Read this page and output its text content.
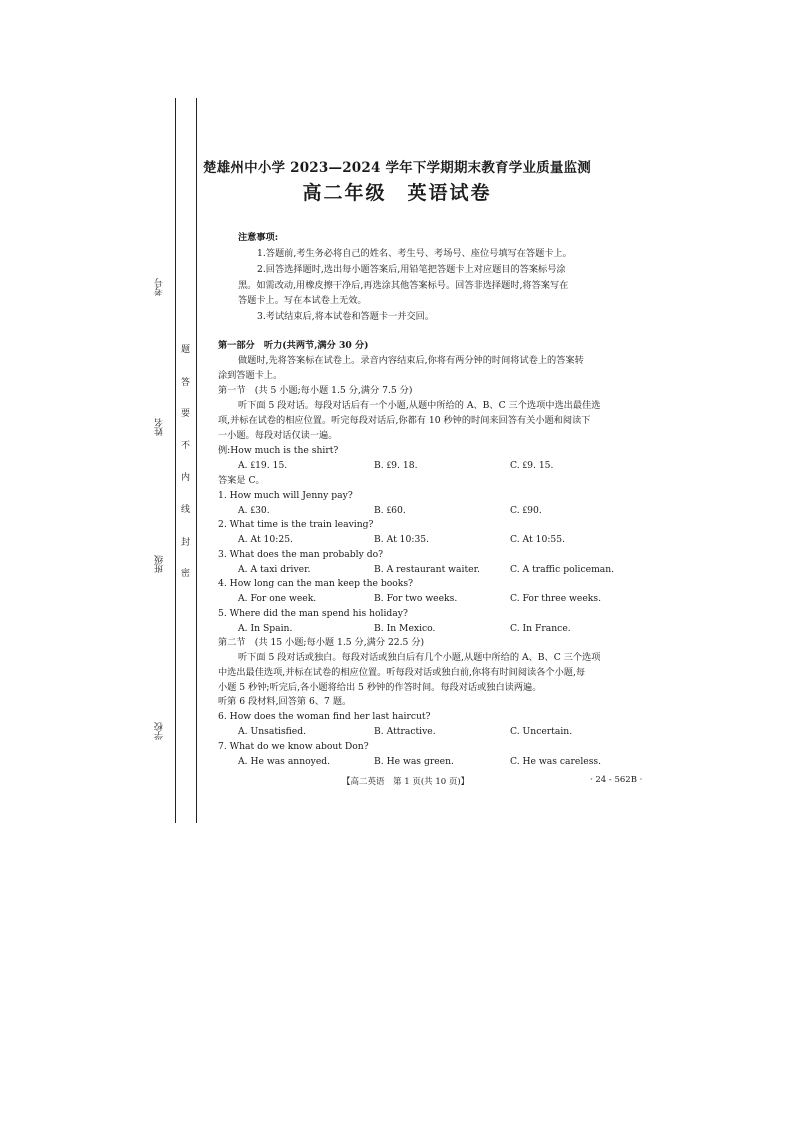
考号
姓名
班级
学校
题
答
要
不
内
线
封
密
楚雄州中小学 2023—2024 学年下学期期末教育学业质量监测
高二年级　英语试卷
注意事项:
1.答题前,考生务必将自己的姓名、考生号、考场号、座位号填写在答题卡上。
2.回答选择题时,选出每小题答案后,用铅笔把答题卡上对应题目的答案标号涂
黑。如需改动,用橡皮擦干净后,再选涂其他答案标号。回答非选择题时,将答案写在
答题卡上。写在本试卷上无效。
3.考试结束后,将本试卷和答题卡一并交回。
第一部分　听力(共两节,满分 30 分)
做题时,先将答案标在试卷上。录音内容结束后,你将有两分钟的时间将试卷上的答案转
涂到答题卡上。
第一节　(共 5 小题;每小题 1.5 分,满分 7.5 分)
听下面 5 段对话。每段对话后有一个小题,从题中所给的 A、B、C 三个选项中选出最佳选
项,并标在试卷的相应位置。听完每段对话后,你都有 10 秒钟的时间来回答有关小题和阅读下
一小题。每段对话仅读一遍。
例:How much is the shirt?
A. ₤19. 15.	B. ₤9. 18.	C. ₤9. 15.
答案是 C。
1. How much will Jenny pay?
A. ₤30.	B. ₤60.	C. ₤90.
2. What time is the train leaving?
A. At 10:25.	B. At 10:35.	C. At 10:55.
3. What does the man probably do?
A. A taxi driver.	B. A restaurant waiter.	C. A traffic policeman.
4. How long can the man keep the books?
A. For one week.	B. For two weeks.	C. For three weeks.
5. Where did the man spend his holiday?
A. In Spain.	B. In Mexico.	C. In France.
第二节　(共 15 小题;每小题 1.5 分,满分 22.5 分)
听下面 5 段对话或独白。每段对话或独白后有几个小题,从题中所给的 A、B、C 三个选项
中选出最佳选项,并标在试卷的相应位置。听每段对话或独白前,你将有时间阅读各个小题,每
小题 5 秒钟;听完后,各小题将给出 5 秒钟的作答时间。每段对话或独白读两遍。
听第 6 段材料,回答第 6、7 题。
6. How does the woman find her last haircut?
A. Unsatisfied.	B. Attractive.	C. Uncertain.
7. What do we know about Don?
A. He was annoyed.	B. He was green.	C. He was careless.
【高二英语　第 1 页(共 10 页)】	· 24 - 562B ·
